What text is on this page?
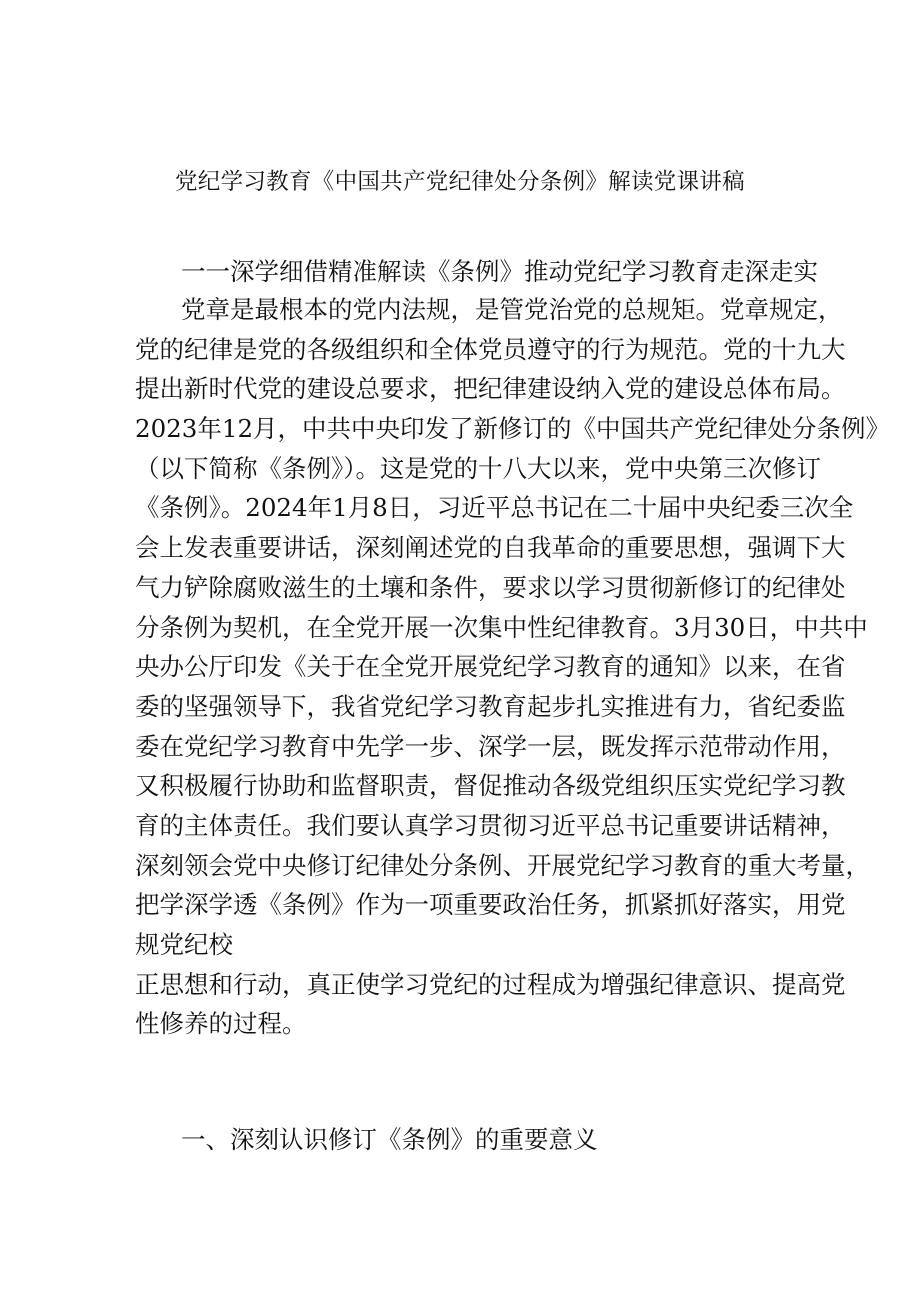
党纪学习教育《中国共产党纪律处分条例》解读党课讲稿
一一深学细借精准解读《条例》推动党纪学习教育走深走实
党章是最根本的党内法规，是管党治党的总规矩。党章规定，
党的纪律是党的各级组织和全体党员遵守的行为规范。党的十九大
提出新时代党的建设总要求，把纪律建设纳入党的建设总体布局。
2023年12月，中共中央印发了新修订的《中国共产党纪律处分条例》
（以下简称《条例》）。这是党的十八大以来，党中央第三次修订
《条例》。2024年1月8日，习近平总书记在二十届中央纪委三次全
会上发表重要讲话，深刻阐述党的自我革命的重要思想，强调下大
气力铲除腐败滋生的土壤和条件，要求以学习贯彻新修订的纪律处
分条例为契机，在全党开展一次集中性纪律教育。3月30日，中共中
央办公厅印发《关于在全党开展党纪学习教育的通知》以来，在省
委的坚强领导下，我省党纪学习教育起步扎实推进有力，省纪委监
委在党纪学习教育中先学一步、深学一层，既发挥示范带动作用，
又积极履行协助和监督职责，督促推动各级党组织压实党纪学习教
育的主体责任。我们要认真学习贯彻习近平总书记重要讲话精神，
深刻领会党中央修订纪律处分条例、开展党纪学习教育的重大考量，
把学深学透《条例》作为一项重要政治任务，抓紧抓好落实，用党
规党纪校
正思想和行动，真正使学习党纪的过程成为增强纪律意识、提高党
性修养的过程。
一、深刻认识修订《条例》的重要意义
